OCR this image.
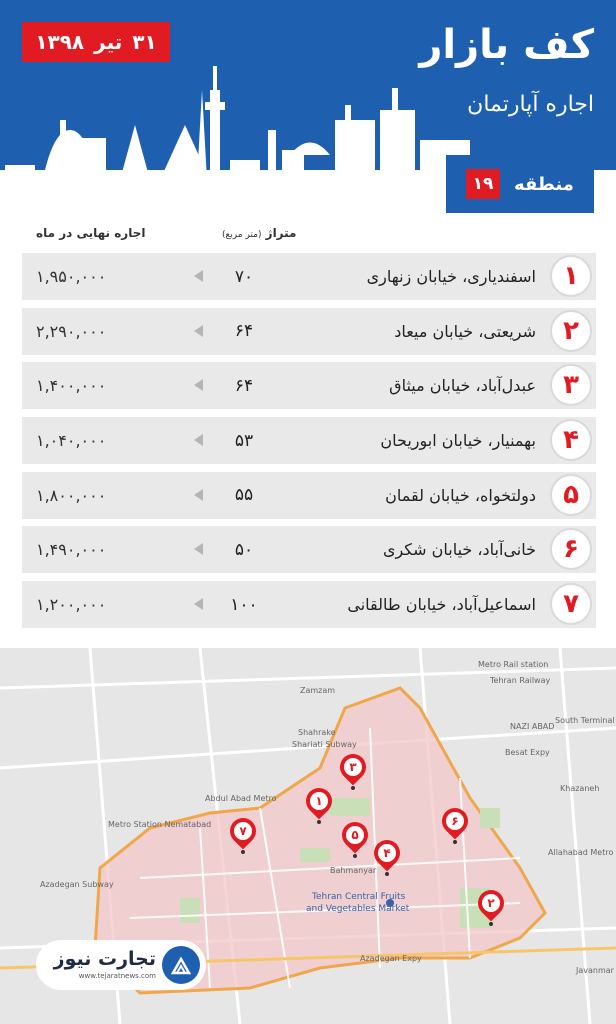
۳۱
تیر
۱۳۹۸	کف بازار
اجاره آپارتمان
منطقه
۱۹
متراژ (متر مربع)
اجاره نهایی در ماه
۱
اسفندیاری، خیابان زنهاری
۷۰
۱,۹۵۰,۰۰۰
۲
شریعتی، خیابان میعاد
۶۴
۲,۲۹۰,۰۰۰
۳
عبدل‌آباد، خیابان میثاق
۶۴
۱,۴۰۰,۰۰۰
۴
بهمنیار، خیابان ابوریحان
۵۳
۱,۰۴۰,۰۰۰
۵
دولتخواه، خیابان لقمان
۵۵
۱,۸۰۰,۰۰۰
۶
خانی‌آباد، خیابان شکری
۵۰
۱,۴۹۰,۰۰۰
۷
اسماعیل‌آباد، خیابان طالقانی
۱۰۰
۱,۲۰۰,۰۰۰
Metro Rail station
Tehran Railway
Zamzam
South Terminal
NAZI ABAD
Besat Expy
Shahrake
Shariati Subway
Abdul Abad Metro
Metro Station Nematabad
Khazaneh
Azadegan Subway
Allahabad Metro
Bahmanyar
Tehran Central Fruits
and Vegetables Market
Azadegan Expy
Javanmar
۱
۲
۳
۴
۵
۶
۷
تجارت نیوز
www.tejaratnews.com
